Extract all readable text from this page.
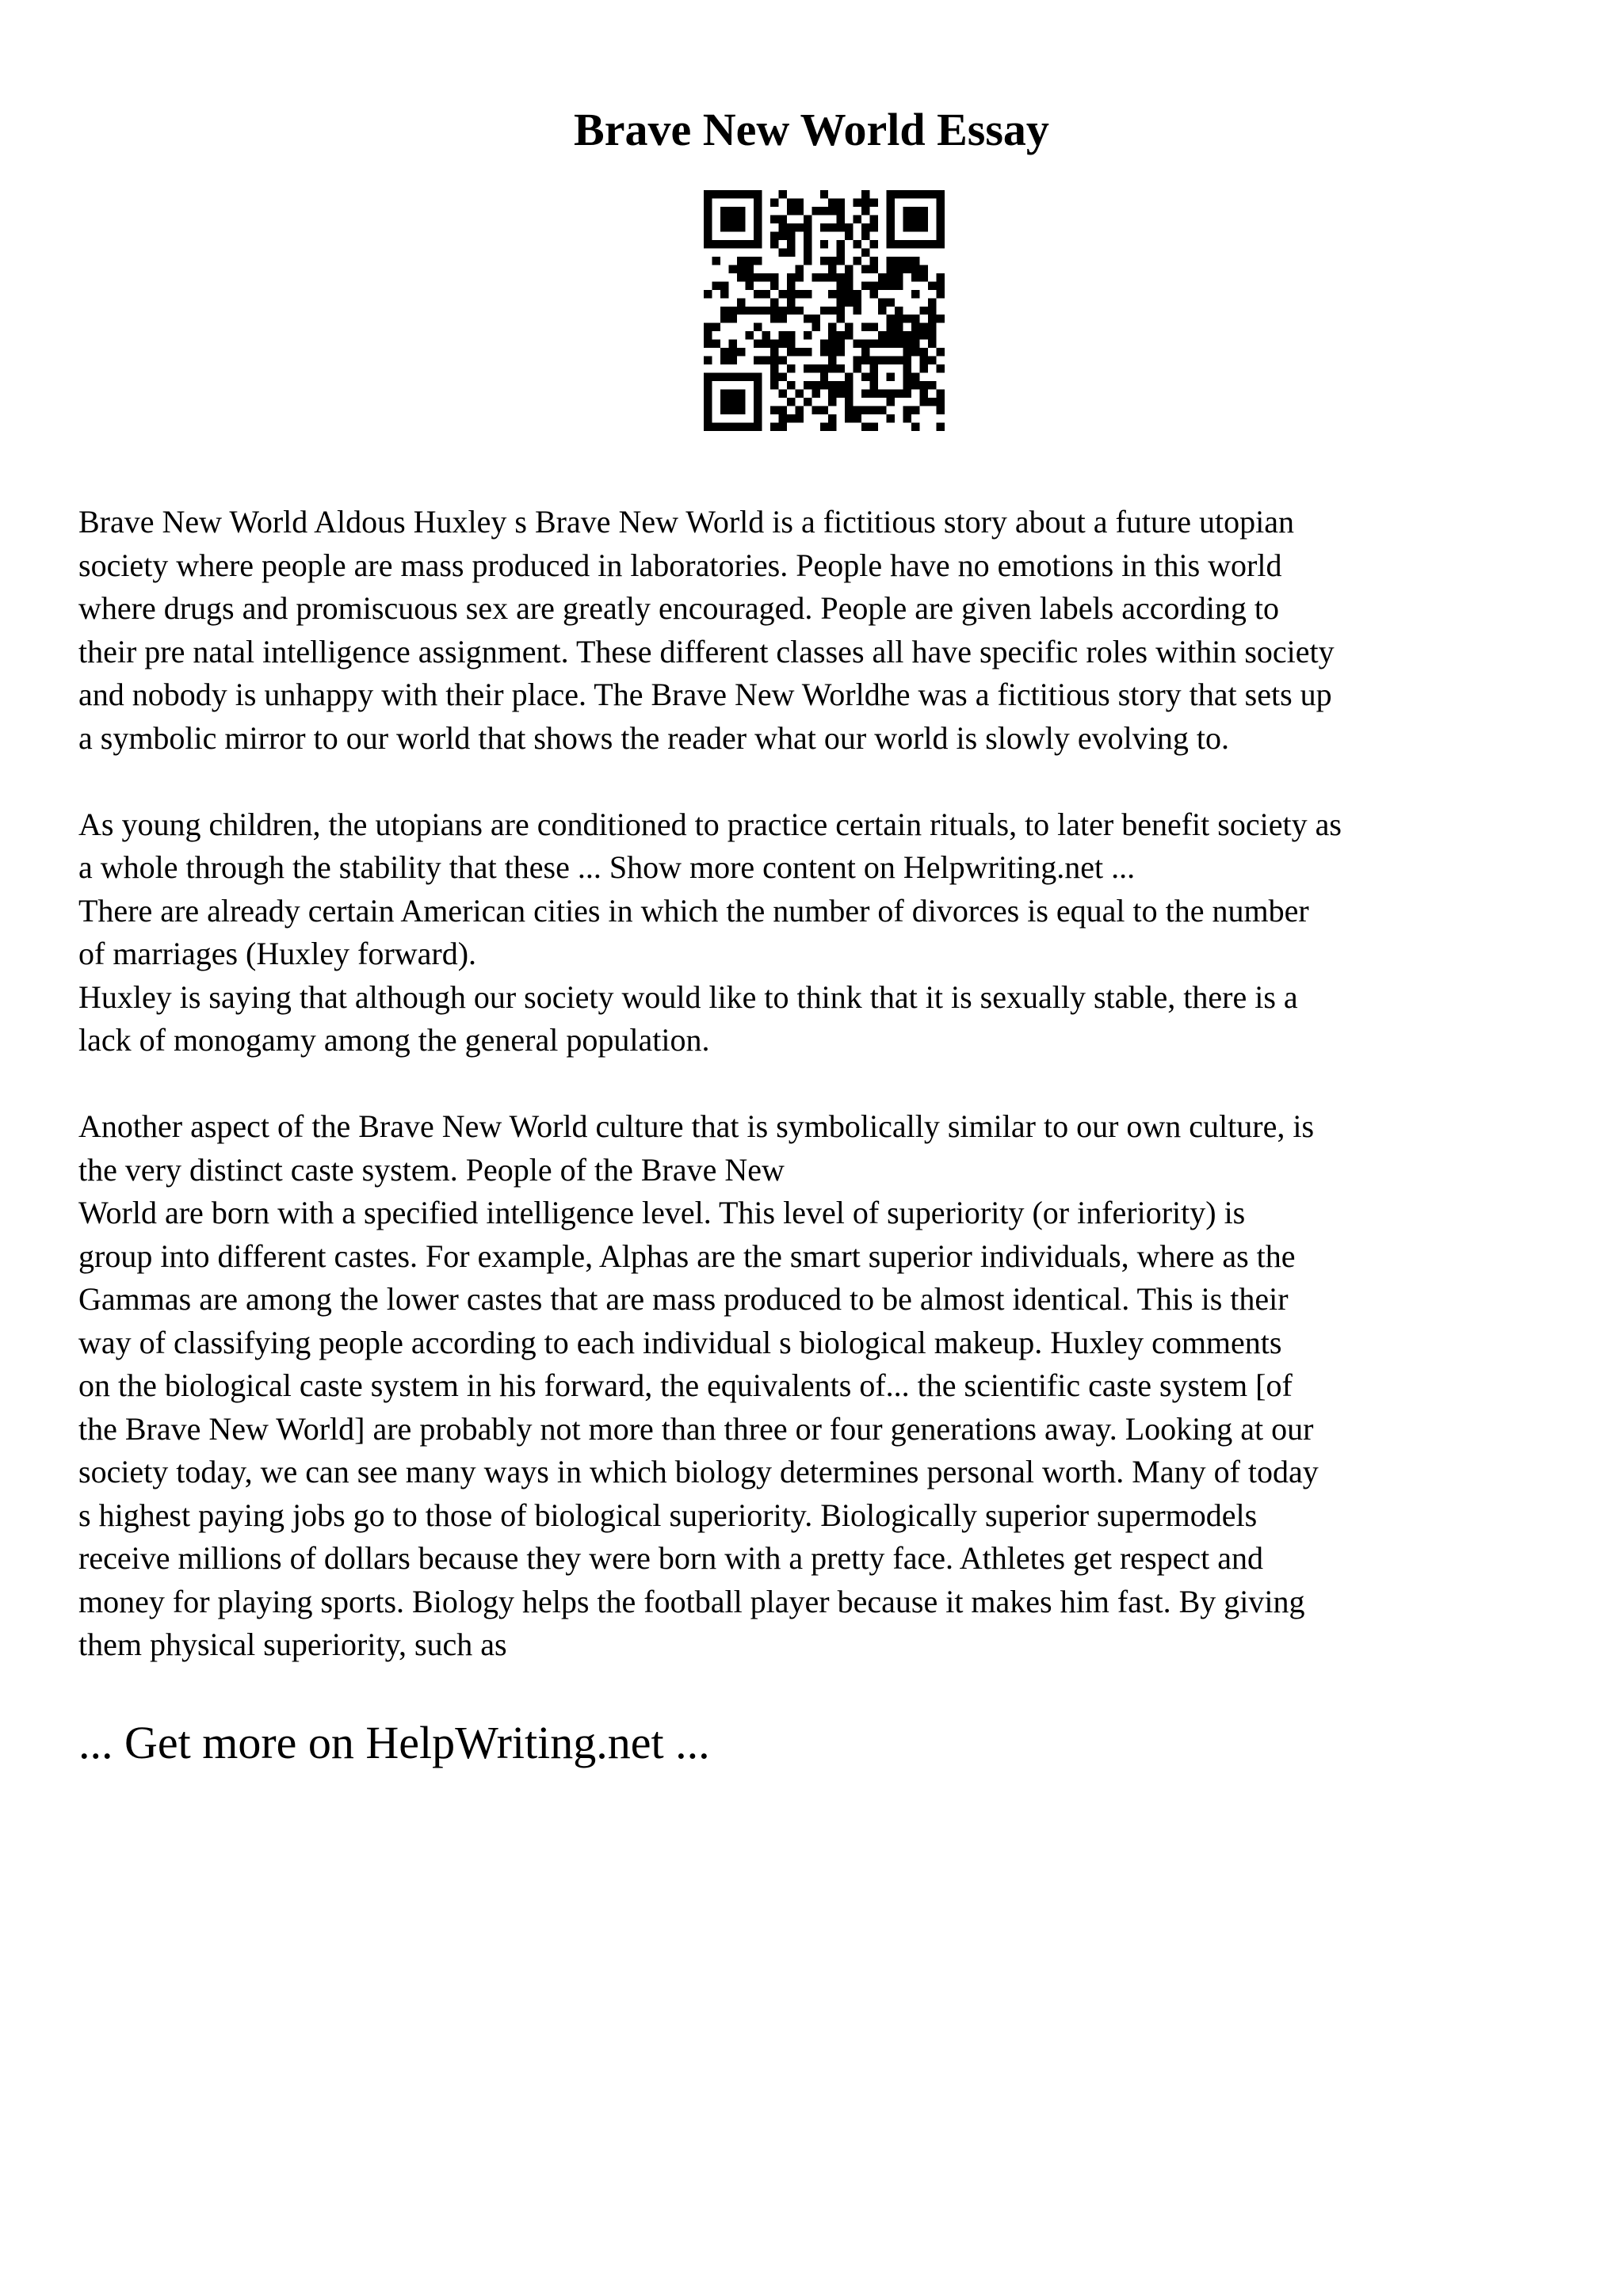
Brave New World Essay
Brave New World Aldous Huxley s Brave New World is a fictitious story about a future utopian
society where people are mass produced in laboratories. People have no emotions in this world
where drugs and promiscuous sex are greatly encouraged. People are given labels according to
their pre natal intelligence assignment. These different classes all have specific roles within society
and nobody is unhappy with their place. The Brave New Worldhe was a fictitious story that sets up
a symbolic mirror to our world that shows the reader what our world is slowly evolving to.
As young children, the utopians are conditioned to practice certain rituals, to later benefit society as
a whole through the stability that these ... Show more content on Helpwriting.net ...
There are already certain American cities in which the number of divorces is equal to the number
of marriages (Huxley forward).
Huxley is saying that although our society would like to think that it is sexually stable, there is a
lack of monogamy among the general population.
Another aspect of the Brave New World culture that is symbolically similar to our own culture, is
the very distinct caste system. People of the Brave New
World are born with a specified intelligence level. This level of superiority (or inferiority) is
group into different castes. For example, Alphas are the smart superior individuals, where as the
Gammas are among the lower castes that are mass produced to be almost identical. This is their
way of classifying people according to each individual s biological makeup. Huxley comments
on the biological caste system in his forward, the equivalents of... the scientific caste system [of
the Brave New World] are probably not more than three or four generations away. Looking at our
society today, we can see many ways in which biology determines personal worth. Many of today
s highest paying jobs go to those of biological superiority. Biologically superior supermodels
receive millions of dollars because they were born with a pretty face. Athletes get respect and
money for playing sports. Biology helps the football player because it makes him fast. By giving
them physical superiority, such as
... Get more on HelpWriting.net ...
